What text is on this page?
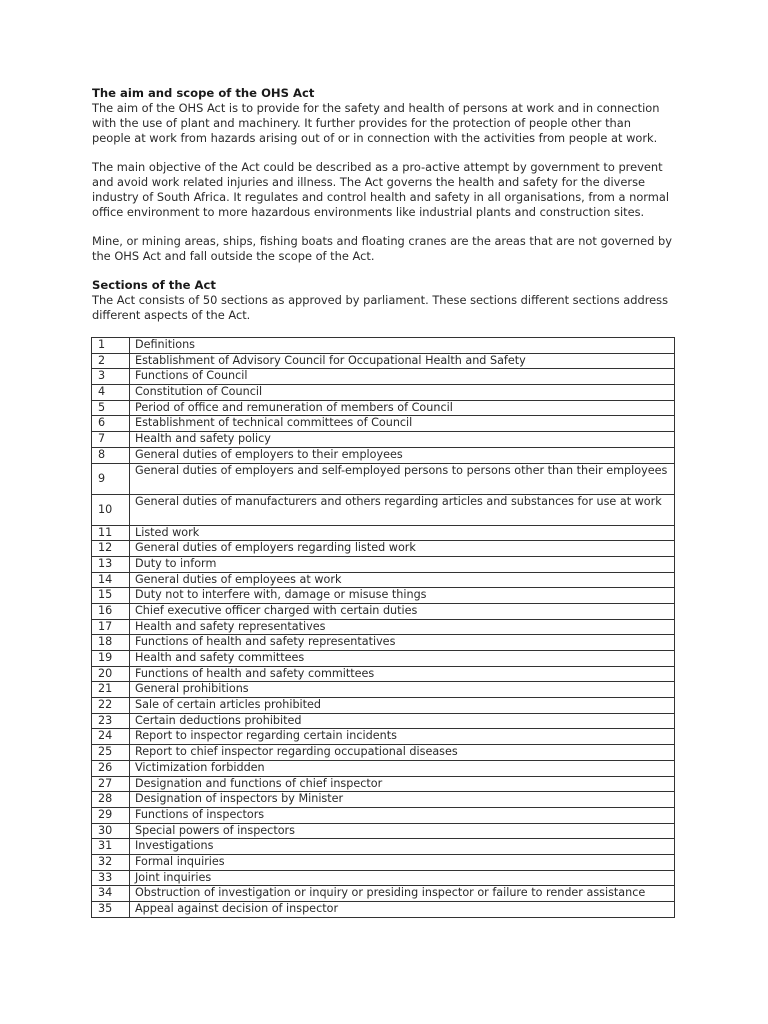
The aim and scope of the OHS Act

The aim of the OHS Act is to provide for the safety and health of persons at work and in connection
with the use of plant and machinery. It further provides for the protection of people other than
people at work from hazards arising out of or in connection with the activities from people at work.

The main objective of the Act could be described as a pro-active attempt by government to prevent
and avoid work related injuries and illness. The Act governs the health and safety for the diverse
industry of South Africa. It regulates and control health and safety in all organisations, from a normal
office environment to more hazardous environments like industrial plants and construction sites.

Mine, or mining areas, ships, fishing boats and floating cranes are the areas that are not governed by
the OHS Act and fall outside the scope of the Act.

Sections of the Act

The Act consists of 50 sections as approved by parliament. These sections different sections address
different aspects of the Act.

1	Definitions
2	Establishment of Advisory Council for Occupational Health and Safety
3	Functions of Council
4	Constitution of Council
5	Period of office and remuneration of members of Council
6	Establishment of technical committees of Council
7	Health and safety policy
8	General duties of employers to their employees
9	General duties of employers and self-employed persons to persons other than their employees
10	General duties of manufacturers and others regarding articles and substances for use at work
11	Listed work
12	General duties of employers regarding listed work
13	Duty to inform
14	General duties of employees at work
15	Duty not to interfere with, damage or misuse things
16	Chief executive officer charged with certain duties
17	Health and safety representatives
18	Functions of health and safety representatives
19	Health and safety committees
20	Functions of health and safety committees
21	General prohibitions
22	Sale of certain articles prohibited
23	Certain deductions prohibited
24	Report to inspector regarding certain incidents
25	Report to chief inspector regarding occupational diseases
26	Victimization forbidden
27	Designation and functions of chief inspector
28	Designation of inspectors by Minister
29	Functions of inspectors
30	Special powers of inspectors
31	Investigations
32	Formal inquiries
33	Joint inquiries
34	Obstruction of investigation or inquiry or presiding inspector or failure to render assistance
35	Appeal against decision of inspector
